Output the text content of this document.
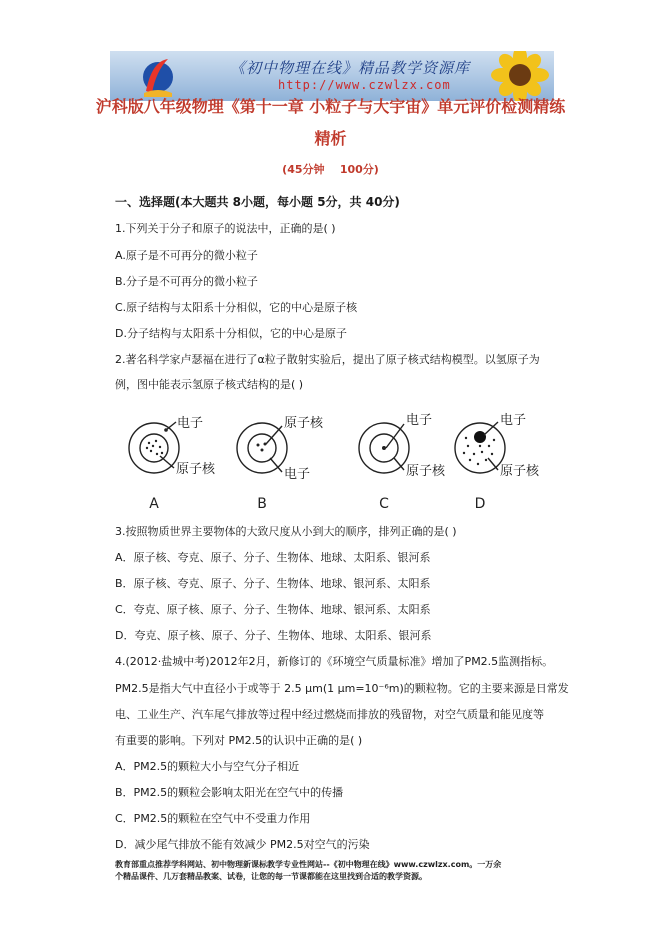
《初中物理在线》精品教学资源库
http://www.czwlzx.com
沪科版八年级物理《第十一章 小粒子与大宇宙》单元评价检测精练
精析
(45分钟    100分)
一、选择题(本大题共 8小题，每小题 5分，共 40分)
1.下列关于分子和原子的说法中，正确的是( )
A.原子是不可再分的微小粒子
B.分子是不可再分的微小粒子
C.原子结构与太阳系十分相似，它的中心是原子核
D.分子结构与太阳系十分相似，它的中心是原子
2.著名科学家卢瑟福在进行了α粒子散射实验后，提出了原子核式结构模型。以氢原子为
例，图中能表示氢原子核式结构的是( )
电子
原子核
A
原子核
电子
B
电子
原子核
C
电子
原子核
D
3.按照物质世界主要物体的大致尺度从小到大的顺序，排列正确的是( )
A．原子核、夸克、原子、分子、生物体、地球、太阳系、银河系
B．原子核、夸克、原子、分子、生物体、地球、银河系、太阳系
C．夸克、原子核、原子、分子、生物体、地球、银河系、太阳系
D．夸克、原子核、原子、分子、生物体、地球、太阳系、银河系
4.(2012·盐城中考)2012年2月，新修订的《环境空气质量标准》增加了PM2.5监测指标。
PM2.5是指大气中直径小于或等于 2.5 μm(1 μm=10⁻⁶m)的颗粒物。它的主要来源是日常发
电、工业生产、汽车尾气排放等过程中经过燃烧而排放的残留物，对空气质量和能见度等
有重要的影响。下列对 PM2.5的认识中正确的是( )
A．PM2.5的颗粒大小与空气分子相近
B．PM2.5的颗粒会影响太阳光在空气中的传播
C．PM2.5的颗粒在空气中不受重力作用
D．减少尾气排放不能有效减少 PM2.5对空气的污染
教育部重点推荐学科网站、初中物理新课标教学专业性网站--《初中物理在线》www.czwlzx.com。一万余
个精品课件、几万套精品教案、试卷，让您的每一节课都能在这里找到合适的教学资源。
